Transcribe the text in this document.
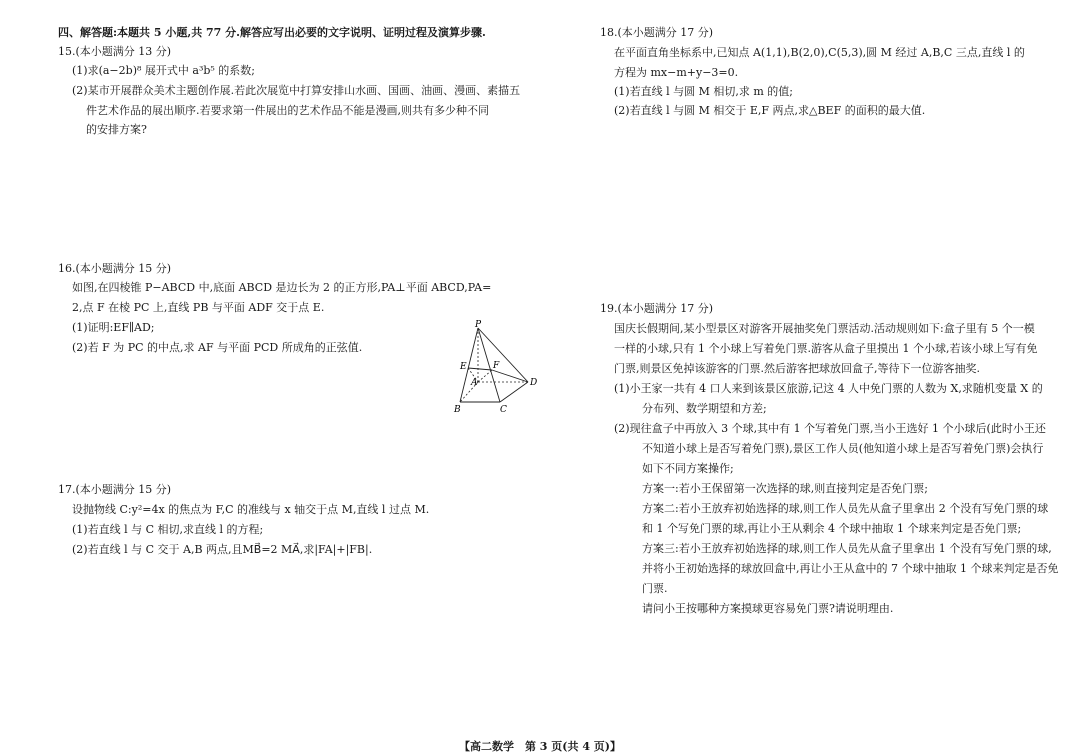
四、解答题:本题共 5 小题,共 77 分.解答应写出必要的文字说明、证明过程及演算步骤.
15.(本小题满分 13 分)
(1)求(a−2b)⁸ 展开式中 a³b⁵ 的系数;
(2)某市开展群众美术主题创作展.若此次展览中打算安排山水画、国画、油画、漫画、素描五
件艺术作品的展出顺序.若要求第一件展出的艺术作品不能是漫画,则共有多少种不同
的安排方案?
16.(本小题满分 15 分)
如图,在四棱锥 P−ABCD 中,底面 ABCD 是边长为 2 的正方形,PA⊥平面 ABCD,PA=
2,点 F 在棱 PC 上,直线 PB 与平面 ADF 交于点 E.
(1)证明:EF∥AD;
(2)若 F 为 PC 的中点,求 AF 与平面 PCD 所成角的正弦值.
17.(本小题满分 15 分)
设抛物线 C:y²=4x 的焦点为 F,C 的准线与 x 轴交于点 M,直线 l 过点 M.
(1)若直线 l 与 C 相切,求直线 l 的方程;
(2)若直线 l 与 C 交于 A,B 两点,且MB⃗=2 MA⃗,求|FA|+|FB|.
P
E	F
A	D
B	C
18.(本小题满分 17 分)
在平面直角坐标系中,已知点 A(1,1),B(2,0),C(5,3),圆 M 经过 A,B,C 三点,直线 l 的
方程为 mx−m+y−3=0.
(1)若直线 l 与圆 M 相切,求 m 的值;
(2)若直线 l 与圆 M 相交于 E,F 两点,求△BEF 的面积的最大值.
19.(本小题满分 17 分)
国庆长假期间,某小型景区对游客开展抽奖免门票活动.活动规则如下:盒子里有 5 个一模
一样的小球,只有 1 个小球上写着免门票.游客从盒子里摸出 1 个小球,若该小球上写有免
门票,则景区免掉该游客的门票.然后游客把球放回盒子,等待下一位游客抽奖.
(1)小王家一共有 4 口人来到该景区旅游,记这 4 人中免门票的人数为 X,求随机变量 X 的
分布列、数学期望和方差;
(2)现往盒子中再放入 3 个球,其中有 1 个写着免门票,当小王选好 1 个小球后(此时小王还
不知道小球上是否写着免门票),景区工作人员(他知道小球上是否写着免门票)会执行
如下不同方案操作;
方案一:若小王保留第一次选择的球,则直接判定是否免门票;
方案二:若小王放弃初始选择的球,则工作人员先从盒子里拿出 2 个没有写免门票的球
和 1 个写免门票的球,再让小王从剩余 4 个球中抽取 1 个球来判定是否免门票;
方案三:若小王放弃初始选择的球,则工作人员先从盒子里拿出 1 个没有写免门票的球,
并将小王初始选择的球放回盒中,再让小王从盒中的 7 个球中抽取 1 个球来判定是否免
门票.
请问小王按哪种方案摸球更容易免门票?请说明理由.
【高二数学　第 3 页(共 4 页)】
